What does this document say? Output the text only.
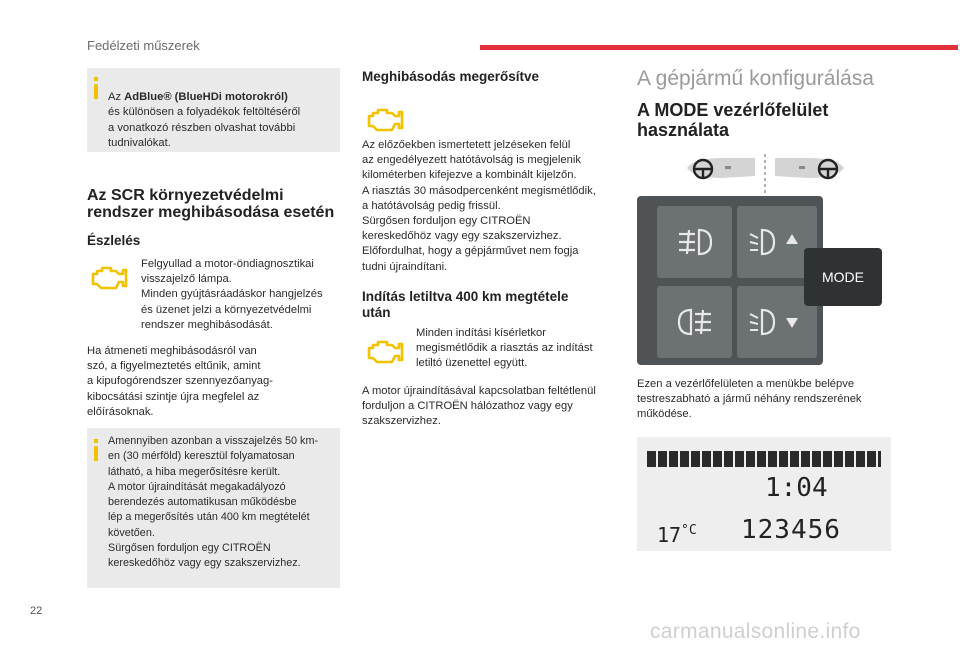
Fedélzeti műszerek

Az AdBlue® (BlueHDi motorokról)

és különösen a folyadékok feltöltéséről
a vonatkozó részben olvashat további
tudnivalókat.

Az SCR környezetvédelmi
rendszer meghibásodása esetén
Észlelés
Felgyullad a motor-öndiagnosztikai
visszajelző lámpa.
Minden gyújtásráadáskor hangjelzés
és üzenet jelzi a környezetvédelmi
rendszer meghibásodását.
Ha átmeneti meghibásodásról van
szó, a figyelmeztetés eltűnik, amint
a kipufogórendszer szennyezőanyag-
kibocsátási szintje újra megfelel az
előírásoknak.
Amennyiben azonban a visszajelzés 50 km-
en (30 mérföld) keresztül folyamatosan
látható, a hiba megerősítésre került.
A motor újraindítását megakadályozó
berendezés automatikusan működésbe
lép a megerősítés után 400 km megtételét
követően.
Sürgősen forduljon egy CITROËN
kereskedőhöz vagy egy szakszervizhez.
Meghibásodás megerősítve
Az előzőekben ismertetett jelzéseken felül
az engedélyezett hatótávolság is megjelenik
kilométerben kifejezve a kombinált kijelzőn.
A riasztás 30 másodpercenként megismétlődik,
a hatótávolság pedig frissül.
Sürgősen forduljon egy CITROËN
kereskedőhöz vagy egy szakszervizhez.
Előfordulhat, hogy a gépjárművet nem fogja
tudni újraindítani.
Indítás letiltva 400 km megtétele
után
Minden indítási kísérletkor
megismétlődik a riasztás az indítást
letiltó üzenettel együtt.
A motor újraindításával kapcsolatban feltétlenül
forduljon a CITROËN hálózathoz vagy egy
szakszervizhez.
A gépjármű konfigurálása
A MODE vezérlőfelület
használata
MODE
Ezen a vezérlőfelületen a menükbe belépve
testreszabható a jármű néhány rendszerének
működése.
1:04
17 °C 123456
22
carmanualsonline.info
